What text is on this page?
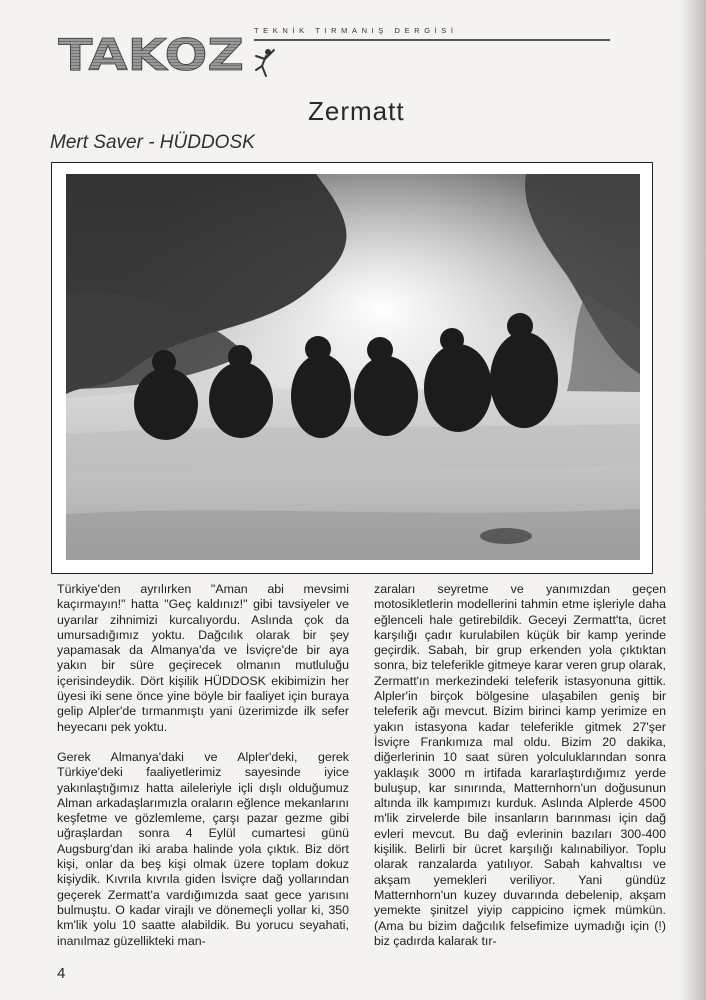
TAKOZ TEKNİK TIRMANIŞ DERGİSİ
Zermatt
Mert Saver - HÜDDOSK

Türkiye'den ayrılırken "Aman abi mevsimi kaçırmayın!" hatta "Geç kaldınız!" gibi tavsiyeler ve uyarılar zihnimizi kurcalıyordu. Aslında çok da umursadığımız yoktu. Dağcılık olarak bir şey yapamasak da Almanya'da ve İsviçre'de bir aya yakın bir süre geçirecek olmanın mutluluğu içerisindeydik. Dört kişilik HÜDDOSK ekibimizin her üyesi iki sene önce yine böyle bir faaliyet için buraya gelip Alpler'de tırmanmıştı yani üzerimizde ilk sefer heyecanı pek yoktu.

Gerek Almanya'daki ve Alpler'deki, gerek Türkiye'deki faaliyetlerimiz sayesinde iyice yakınlaştığımız hatta aileleriyle içli dışlı olduğumuz Alman arkadaşlarımızla oraların eğlence mekanlarını keşfetme ve gözlemleme, çarşı pazar gezme gibi uğraşlardan sonra 4 Eylül cumartesi günü Augsburg'dan iki araba halinde yola çıktık. Biz dört kişi, onlar da beş kişi olmak üzere toplam dokuz kişiydik. Kıvrıla kıvrıla giden İsviçre dağ yollarından geçerek Zermatt'a vardığımızda saat gece yarısını bulmuştu. O kadar virajlı ve dönemeçli yollar ki, 350 km'lik yolu 10 saatte alabildik. Bu yorucu seyahati, inanılmaz güzellikteki man-

zaraları seyretme ve yanımızdan geçen motosikletlerin modellerini tahmin etme işleriyle daha eğlenceli hale getirebildik. Geceyi Zermatt'ta, ücret karşılığı çadır kurulabilen küçük bir kamp yerinde geçirdik. Sabah, bir grup erkenden yola çıktıktan sonra, biz teleferikle gitmeye karar veren grup olarak, Zermatt'ın merkezindeki teleferik istasyonuna gittik. Alpler'in birçok bölgesine ulaşabilen geniş bir teleferik ağı mevcut. Bizim birinci kamp yerimize en yakın istasyona kadar teleferikle gitmek 27'şer İsviçre Frankımıza mal oldu. Bizim 20 dakika, diğerlerinin 10 saat süren yolculuklarından sonra yaklaşık 3000 m irtifada kararlaştırdığımız yerde buluşup, kar sınırında, Matternhorn'un doğusunun altında ilk kampımızı kurduk. Aslında Alplerde 4500 m'lik zirvelerde bile insanların barınması için dağ evleri mevcut. Bu dağ evlerinin bazıları 300-400 kişilik. Belirli bir ücret karşılığı kalınabiliyor. Toplu olarak ranzalarda yatılıyor. Sabah kahvaltısı ve akşam yemekleri veriliyor. Yani gündüz Matternhorn'un kuzey duvarında debelenip, akşam yemekte şinitzel yiyip cappicino içmek mümkün. (Ama bu bizim dağcılık felsefimize uymadığı için (!) biz çadırda kalarak tır-

4
